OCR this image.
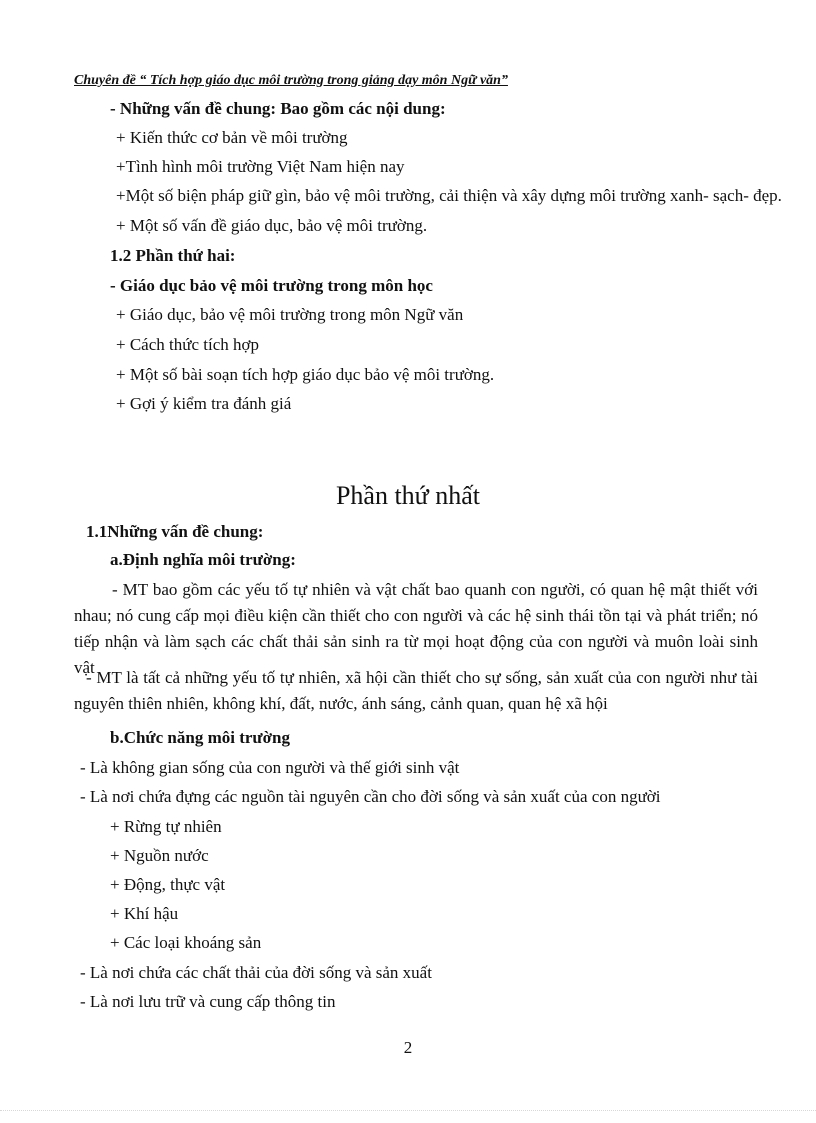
Chuyên đề “ Tích hợp giáo dục môi trường trong giảng dạy môn Ngữ văn”
- Những vấn đề chung: Bao gồm các nội dung:
+ Kiến thức cơ bản về môi trường
+Tình hình môi trường Việt Nam hiện nay
+Một số biện pháp giữ gìn, bảo vệ môi trường, cải thiện và xây dựng môi trường xanh- sạch- đẹp.
+ Một số vấn đề giáo dục, bảo vệ môi trường.
1.2 Phần thứ hai:
- Giáo dục bảo vệ môi trường trong môn học
+ Giáo dục, bảo vệ môi trường trong môn Ngữ văn
+ Cách thức tích hợp
+ Một số bài soạn tích hợp giáo dục bảo vệ môi trường.
+ Gợi ý kiểm tra đánh giá
Phần thứ nhất
1.1Những vấn đề chung:
a.Định nghĩa môi trường:
- MT bao gồm các yếu tố tự nhiên và vật chất bao quanh con người, có quan hệ mật thiết với nhau; nó cung cấp mọi điều kiện cần thiết cho con người và các hệ sinh thái tồn tại và phát triển; nó tiếp nhận và làm sạch các chất thải sản sinh ra từ mọi hoạt động của con người và muôn loài sinh vật
- MT là tất cả những yếu tố tự nhiên, xã hội cần thiết cho sự sống, sản xuất của con người như tài nguyên thiên nhiên, không khí, đất, nước, ánh sáng, cảnh quan, quan hệ xã hội
b.Chức năng môi trường
- Là không gian sống của con người và thế giới sinh vật
- Là nơi chứa đựng các nguồn tài nguyên cần cho đời sống và sản xuất của con người
+ Rừng tự nhiên
+ Nguồn nước
+ Động, thực vật
+ Khí hậu
+ Các loại khoáng sản
- Là nơi chứa các chất thải của đời sống và sản xuất
- Là nơi lưu trữ và cung cấp thông tin
2
